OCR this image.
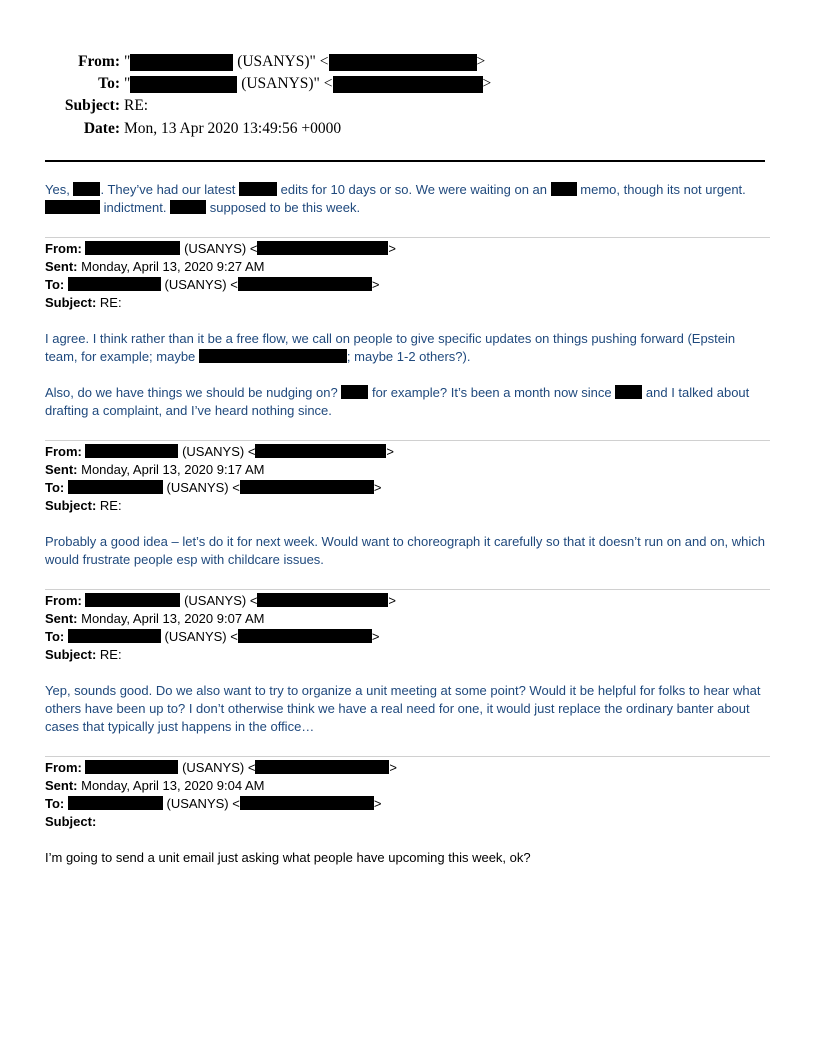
From: "	(USANYS)" <	>
To: "	(USANYS)" <	>
Subject: RE:
Date: Mon, 13 Apr 2020 13:49:56 +0000

Yes, . They’ve had our latest	edits for 10 days or so. We were waiting on an	memo, though its not urgent.  indictment.	supposed to be this week.

From:	(USANYS) <	>
Sent: Monday, April 13, 2020 9:27 AM
To:	(USANYS) <	>
Subject: RE:

I agree. I think rather than it be a free flow, we call on people to give specific updates on things pushing forward (Epstein team, for example; maybe	; maybe 1-2 others?).

Also, do we have things we should be nudging on?	for example? It’s been a month now since	and I talked about drafting a complaint, and I’ve heard nothing since.

From:	(USANYS) <	>
Sent: Monday, April 13, 2020 9:17 AM
To:	(USANYS) <	>
Subject: RE:

Probably a good idea – let’s do it for next week. Would want to choreograph it carefully so that it doesn’t run on and on, which would frustrate people esp with childcare issues.

From:	(USANYS) <	>
Sent: Monday, April 13, 2020 9:07 AM
To:	(USANYS) <	>
Subject: RE:

Yep, sounds good. Do we also want to try to organize a unit meeting at some point? Would it be helpful for folks to hear what others have been up to? I don’t otherwise think we have a real need for one, it would just replace the ordinary banter about cases that typically just happens in the office…

From:	(USANYS) <	>
Sent: Monday, April 13, 2020 9:04 AM
To:	(USANYS) <	>
Subject:

I’m going to send a unit email just asking what people have upcoming this week, ok?
